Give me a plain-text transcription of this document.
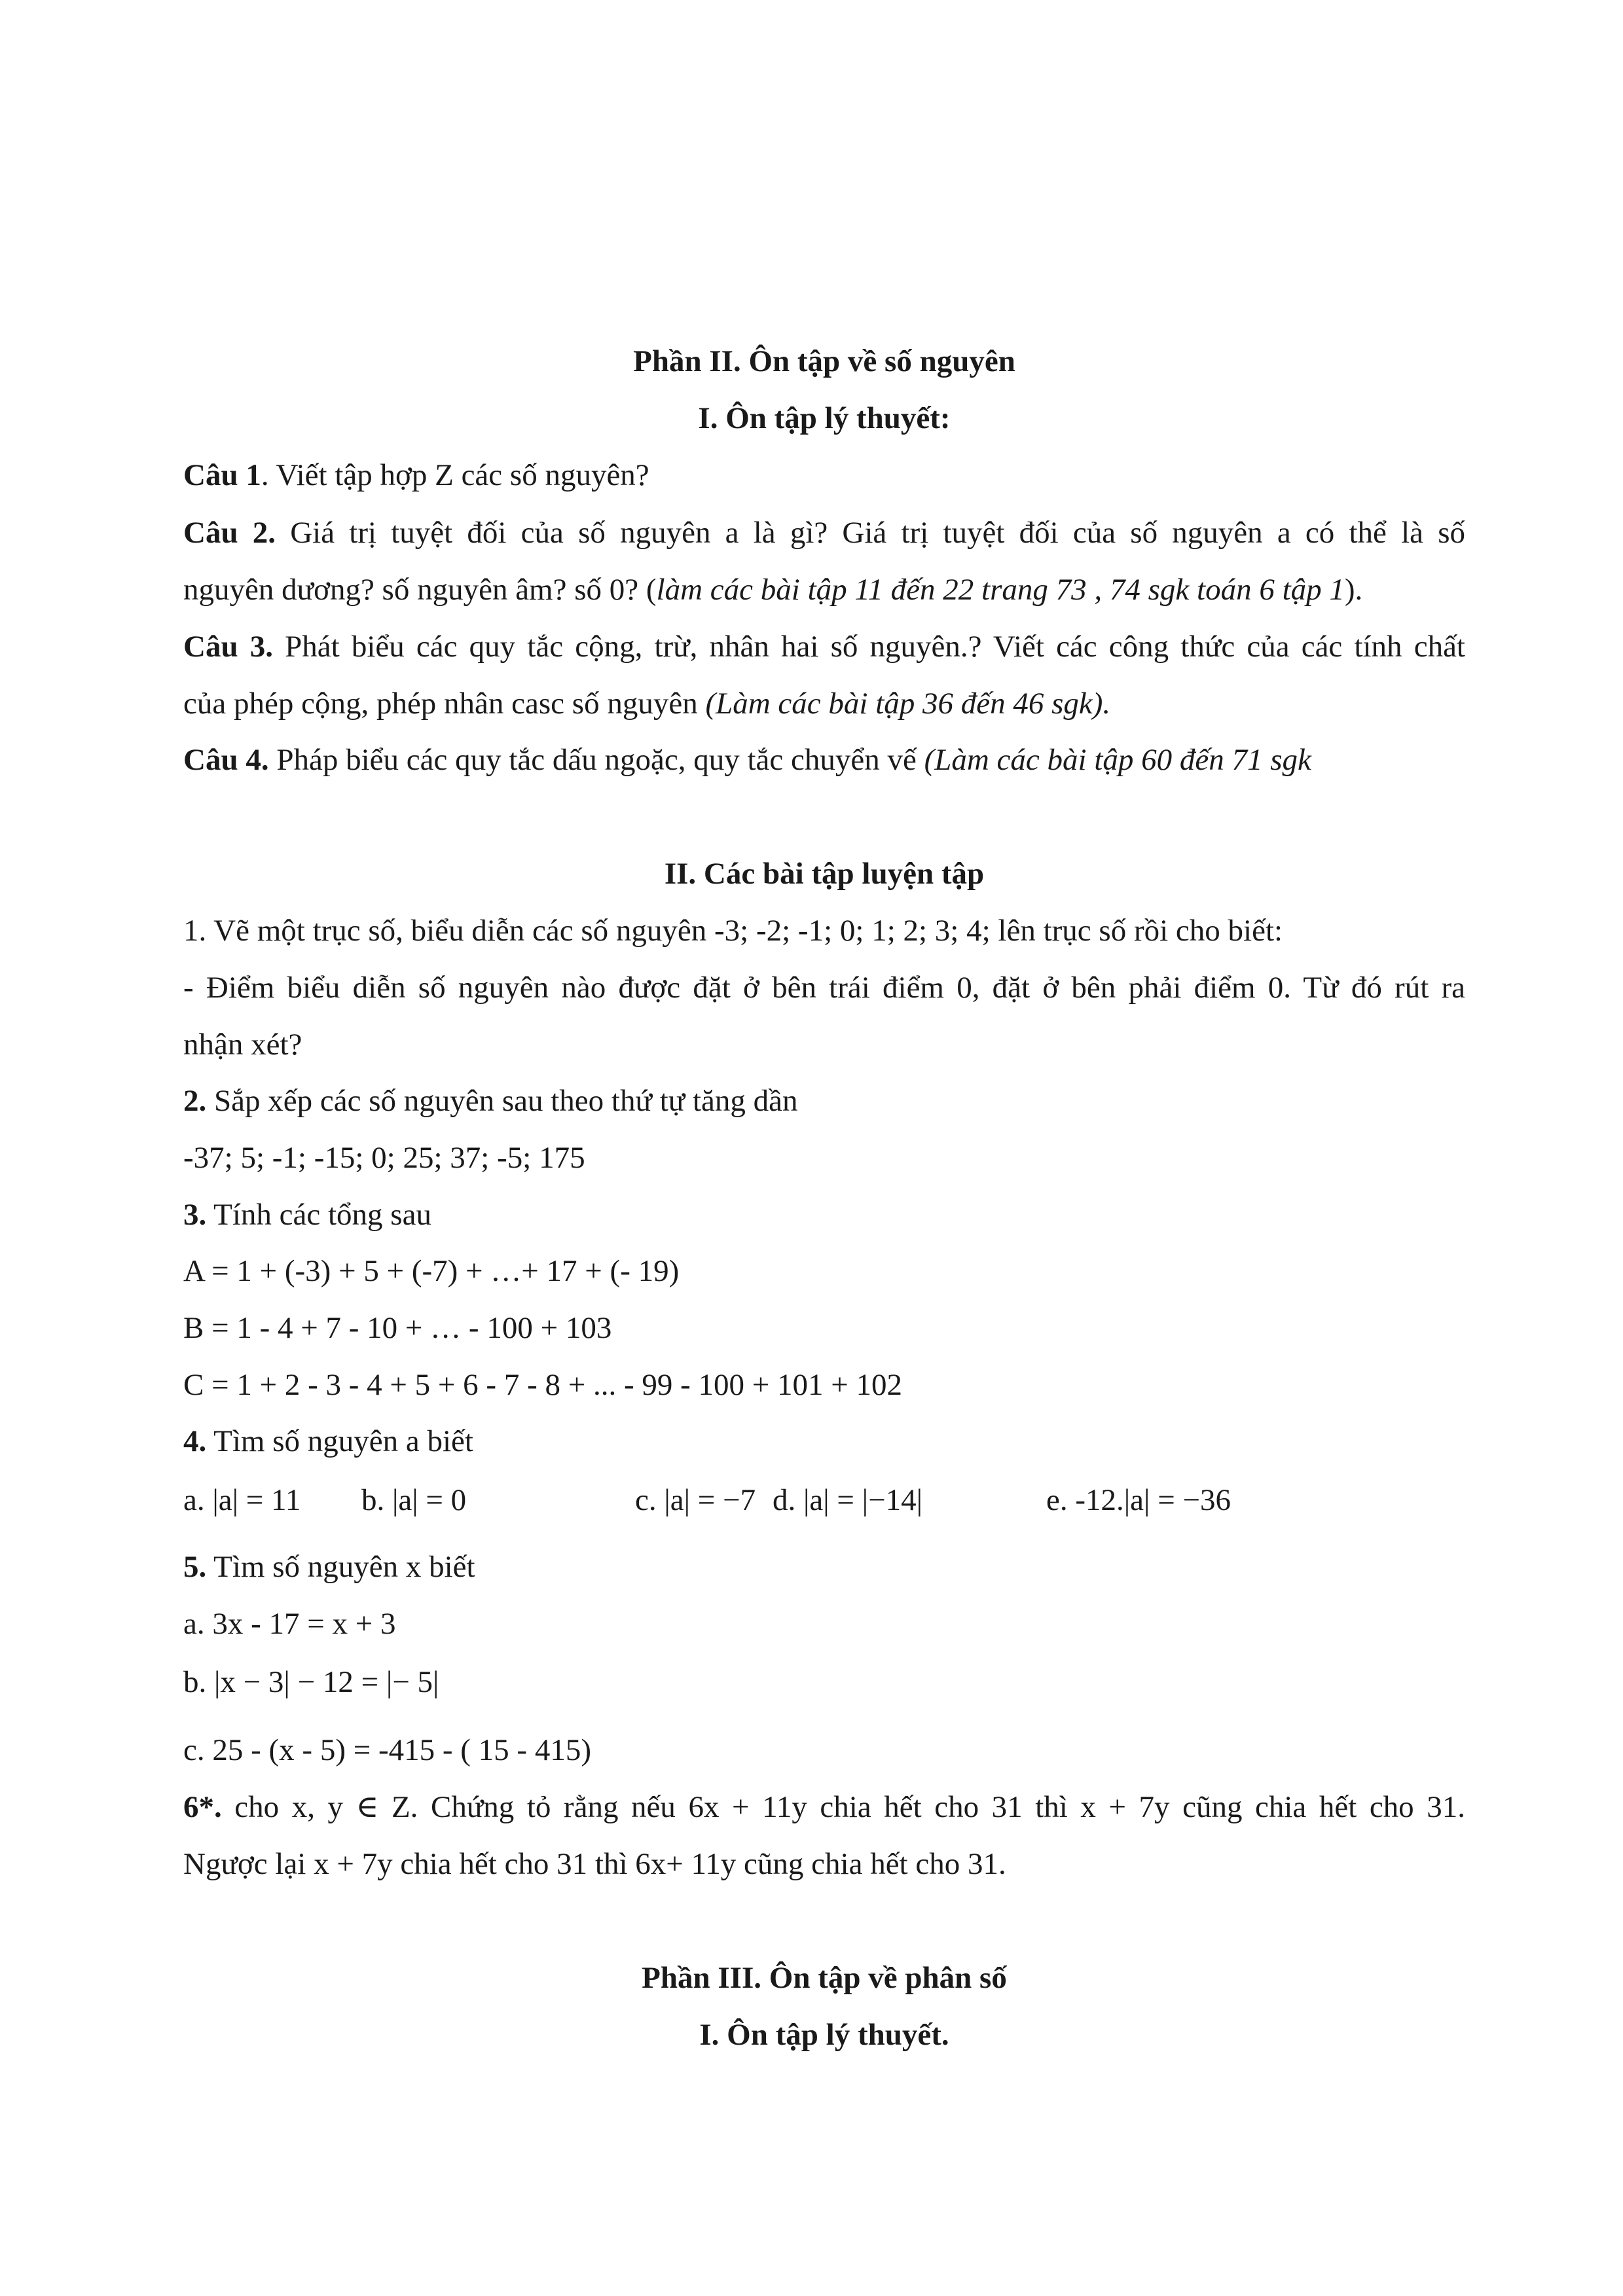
Phần II. Ôn tập về số nguyên
I. Ôn tập lý thuyết:
Câu 1. Viết tập hợp Z các số nguyên?
Câu 2. Giá trị tuyệt đối của số nguyên a là gì? Giá trị tuyệt đối của số nguyên a có thể là số
nguyên dương? số nguyên âm? số 0? (làm các bài tập 11 đến 22 trang 73 , 74 sgk toán 6 tập 1).
Câu 3. Phát biểu các quy tắc cộng, trừ, nhân hai số nguyên.? Viết các công thức của các tính chất
của phép cộng, phép nhân casc số nguyên (Làm các bài tập 36 đến 46 sgk).
Câu 4. Pháp biểu các quy tắc dấu ngoặc, quy tắc chuyển vế (Làm các bài tập 60 đến 71 sgk
II. Các bài tập luyện tập
1. Vẽ một trục số, biểu diễn các số nguyên -3; -2; -1; 0; 1; 2; 3; 4; lên trục số rồi cho biết:
- Điểm biểu diễn số nguyên nào được đặt ở bên trái điểm 0, đặt ở bên phải điểm 0. Từ đó rút ra
nhận xét?
2. Sắp xếp các số nguyên sau theo thứ tự tăng dần
-37; 5; -1; -15; 0; 25; 37; -5; 175
3. Tính các tổng sau
A = 1 + (-3) + 5 + (-7) + …+ 17 + (- 19)
B = 1 - 4 + 7 - 10 + … - 100 + 103
C = 1 + 2 - 3 - 4 + 5 + 6 - 7 - 8 + ... - 99 - 100 + 101 + 102
4. Tìm số nguyên a biết
a. |a| = 11 b. |a| = 0	c. |a| = −7 d. |a| = |−14|	e. -12.|a| = −36
5. Tìm số nguyên x biết
a. 3x - 17 = x + 3
b. |x − 3| − 12 = |− 5|
c. 25 - (x - 5) = -415 - ( 15 - 415)
6*. cho x, y ∈ Z. Chứng tỏ rằng nếu 6x + 11y chia hết cho 31 thì x + 7y cũng chia hết cho 31.
Ngược lại x + 7y chia hết cho 31 thì 6x+ 11y cũng chia hết cho 31.
Phần III. Ôn tập về phân số
I. Ôn tập lý thuyết.
